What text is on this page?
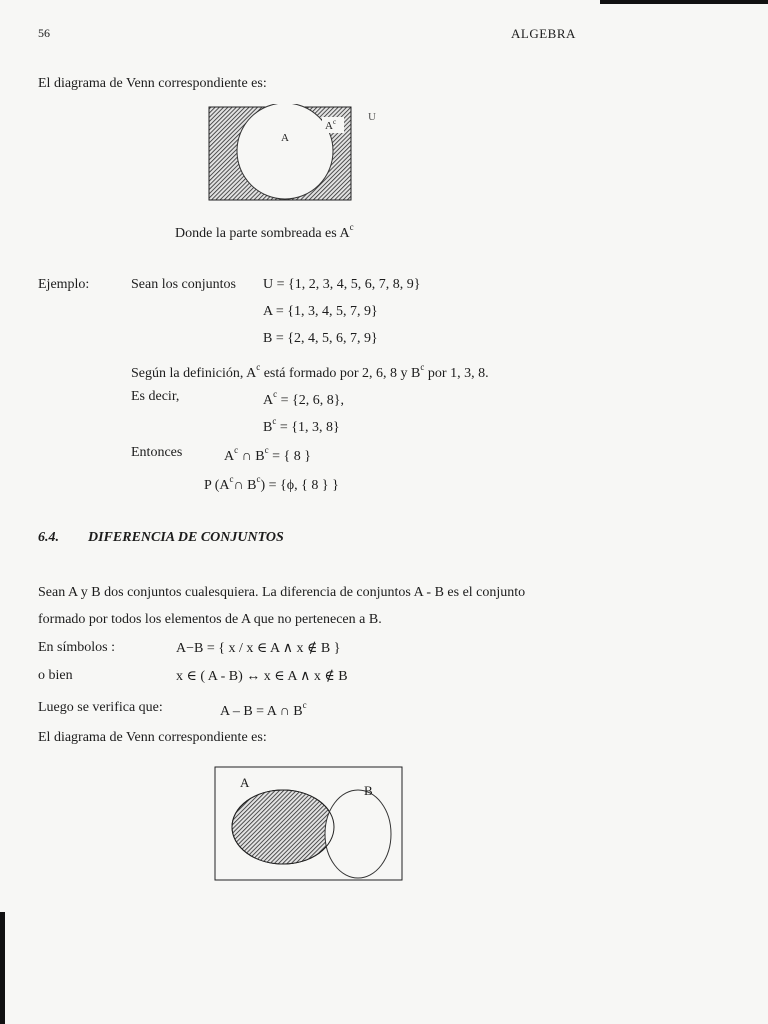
56	ALGEBRA
El diagrama de Venn correspondiente es:
A
$A^c$	U
Donde la parte sombreada es $A^c$
Ejemplo:	Sean los conjuntos U = {1, 2, 3, 4, 5, 6, 7, 8, 9}
A = {1, 3, 4, 5, 7, 9}
B = {2, 4, 5, 6, 7, 9}
Según la definición, $A^c$ está formado por 2, 6, 8 y $B^c$ por 1, 3, 8.
Es decir,	$A^c = \{2$, 6, 8},
$B^c = \{1$, 3, 8}
Entonces	$A^c$ ∩ $B^c$ = { 8 }
P ($A^c\cap$ $B^c) = \{\phi$, { 8 } }
6.4. DIFERENCIA DE CONJUNTOS
Sean A y B dos conjuntos cualesquiera. La diferencia de conjuntos A - B es el conjunto
formado por todos los elementos de A que no pertenecen a B.
En símbolos :	A−B = { x / x ∈ A ∧ x ∉ B }
o bien	x ∈ ( A - B) ↔ x ∈ A ∧ x ∉ B
Luego se verifica que:	A – B = A ∩ $B^c$
El diagrama de Venn correspondiente es:
A
B
